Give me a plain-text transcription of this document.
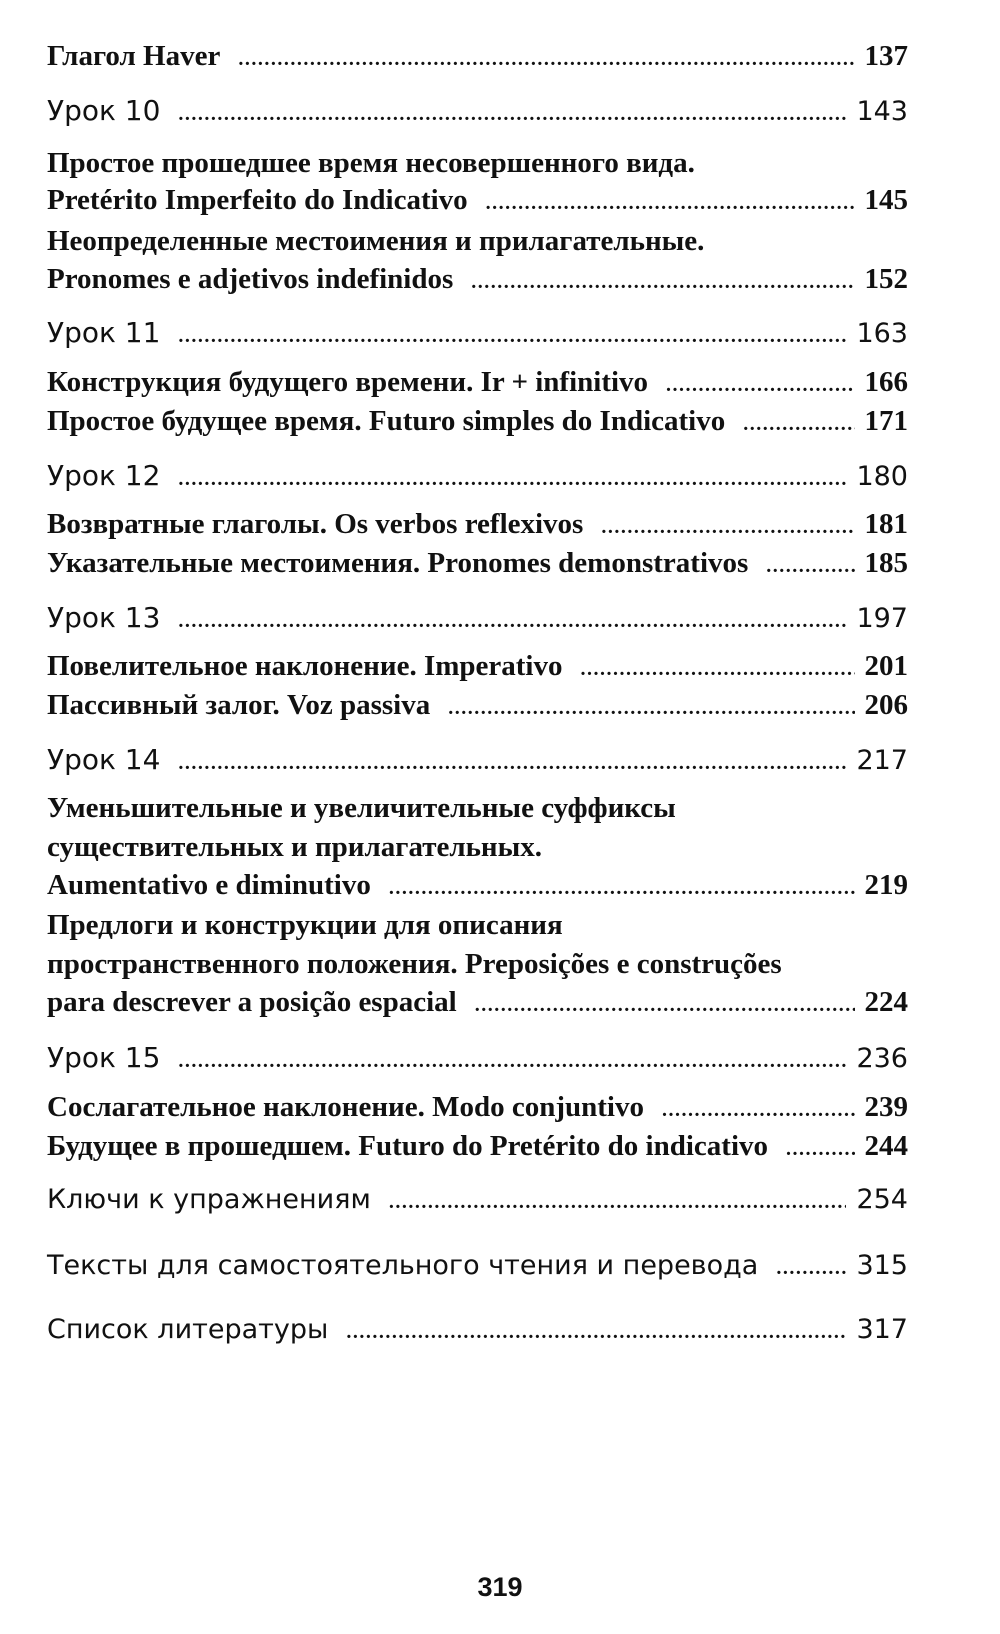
Глагол Haver .....	137
Урок 10 .....	143
Простое прошедшее время несовершенного вида.
Pretérito Imperfeito do Indicativo .....	145
Неопределенные местоимения и прилагательные.
Pronomes e adjetivos indefinidos .....	152
Урок 11 .....	163
Конструкция будущего времени. Ir + infinitivo .....	166
Простое будущее время. Futuro simples do Indicativo .....	171
Урок 12 .....	180
Возвратные глаголы. Os verbos reflexivos .....	181
Указательные местоимения. Pronomes demonstrativos .....	185
Урок 13 .....	197
Повелительное наклонение. Imperativo .....	201
Пассивный залог. Voz passiva .....	206
Урок 14 .....	217
Уменьшительные и увеличительные суффиксы
существительных и прилагательных.
Aumentativo e diminutivo .....	219
Предлоги и конструкции для описания
пространственного положения. Preposições e construções
para descrever a posição espacial .....	224
Урок 15 .....	236
Сослагательное наклонение. Modo conjuntivo .....	239
Будущее в прошедшем. Futuro do Pretérito do indicativo .....	244
Ключи к упражнениям .....	254
Тексты для самостоятельного чтения и перевода .....	315
Список литературы .....	317
319
